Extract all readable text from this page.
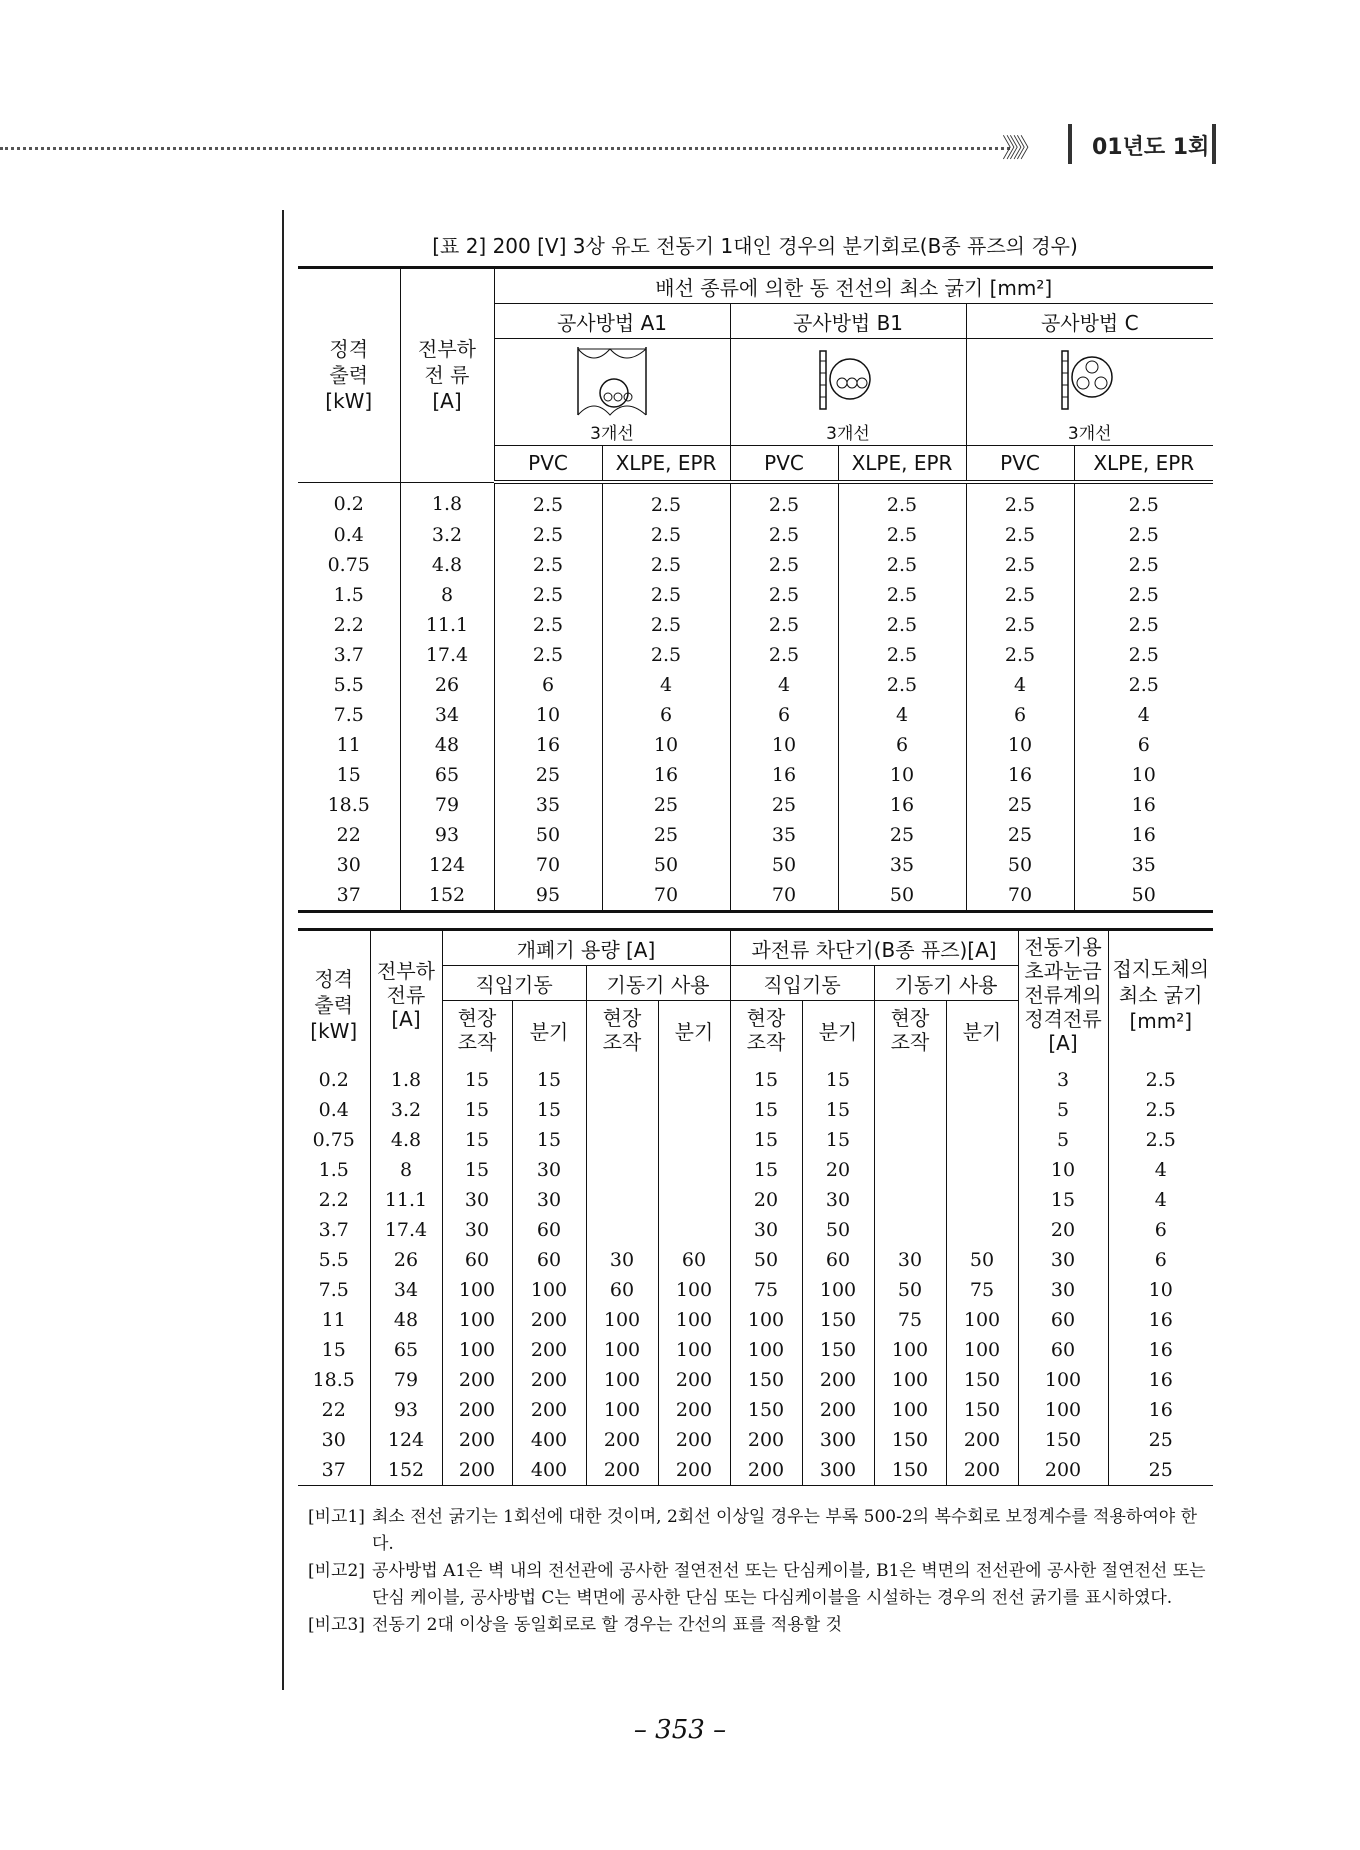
》》》	01년도 1회
[표 2] 200 [V] 3상 유도 전동기 1대인 경우의 분기회로(B종 퓨즈의 경우)
정격
출력
[kW]	전부하
전 류
[A]	배선 종류에 의한 동 전선의 최소 굵기 [mm²]					
		공사방법 A1		공사방법 B1		공사방법 C	

		3개선		3개선		3개선	

		PVC	XLPE, EPR	PVC	XLPE, EPR	PVC	XLPE, EPR
0.2	1.8	2.5	2.5	2.5	2.5	2.5	2.5
0.4	3.2	2.5	2.5	2.5	2.5	2.5	2.5
0.75	4.8	2.5	2.5	2.5	2.5	2.5	2.5
1.5	8	2.5	2.5	2.5	2.5	2.5	2.5
2.2	11.1	2.5	2.5	2.5	2.5	2.5	2.5
3.7	17.4	2.5	2.5	2.5	2.5	2.5	2.5
5.5	26	6	4	4	2.5	4	2.5
7.5	34	10	6	6	4	6	4
11	48	16	10	10	6	10	6
15	65	25	16	16	10	16	10
18.5	79	35	25	25	16	25	16
22	93	50	25	35	25	25	16
30	124	70	50	50	35	50	35
37	152	95	70	70	50	70	50
정격
출력
[kW]	전부하
전류
[A]	개폐기 용량 [A]				과전류 차단기(B종 퓨즈)[A]				전동기용
초과눈금
전류계의
정격전류
[A]	접지도체의
최소 굵기
[mm²]
		직입기동		기동기 사용		직입기동		기동기 사용			
		현장
조작	분기	현장
조작	분기	현장
조작	분기	현장
조작	분기		
0.2	1.8	15	15			15	15			3	2.5
0.4	3.2	15	15			15	15			5	2.5
0.75	4.8	15	15			15	15			5	2.5
1.5	8	15	30			15	20			10	4
2.2	11.1	30	30			20	30			15	4
3.7	17.4	30	60			30	50			20	6
5.5	26	60	60	30	60	50	60	30	50	30	6
7.5	34	100	100	60	100	75	100	50	75	30	10
11	48	100	200	100	100	100	150	75	100	60	16
15	65	100	200	100	100	100	150	100	100	60	16
18.5	79	200	200	100	200	150	200	100	150	100	16
22	93	200	200	100	200	150	200	100	150	100	16
30	124	200	400	200	200	200	300	150	200	150	25
37	152	200	400	200	200	200	300	150	200	200	25
[비고1] 최소 전선 굵기는 1회선에 대한 것이며, 2회선 이상일 경우는 부록 500-2의 복수회로 보정계수를 적용하여야 한다.
[비고2] 공사방법 A1은 벽 내의 전선관에 공사한 절연전선 또는 단심케이블, B1은 벽면의 전선관에 공사한 절연전선 또는 단심 케이블, 공사방법 C는 벽면에 공사한 단심 또는 다심케이블을 시설하는 경우의 전선 굵기를 표시하였다.
[비고3] 전동기 2대 이상을 동일회로로 할 경우는 간선의 표를 적용할 것
– 353 –
